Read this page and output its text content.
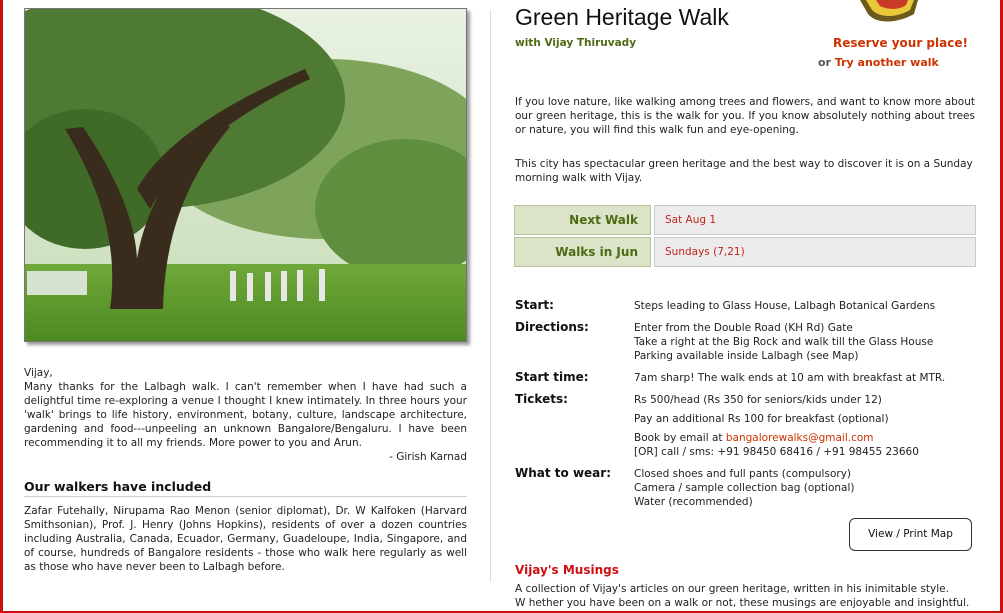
Vijay,
Many thanks for the Lalbagh walk. I can't remember when I have had such a delightful time re-exploring a venue I thought I knew intimately. In three hours your 'walk' brings to life history, environment, botany, culture, landscape architecture, gardening and food---unpeeling an unknown Bangalore/Bengaluru. I have been recommending it to all my friends. More power to you and Arun.
- Girish Karnad
Our walkers have included
Zafar Futehally, Nirupama Rao Menon (senior diplomat), Dr. W Kalfoken (Harvard Smithsonian), Prof. J. Henry (Johns Hopkins), residents of over a dozen countries including Australia, Canada, Ecuador, Germany, Guadeloupe, India, Singapore, and of course, hundreds of Bangalore residents - those who walk here regularly as well as those who have never been to Lalbagh before.
Green Heritage Walk
with Vijay Thiruvady	Reserve your place!
or Try another walk
If you love nature, like walking among trees and flowers, and want to know more about our green heritage, this is the walk for you. If you know absolutely nothing about trees or nature, you will find this walk fun and eye-opening.
This city has spectacular green heritage and the best way to discover it is on a Sunday morning walk with Vijay.
Next Walk	Sat Aug 1
Walks in Jun	Sundays (7,21)
Start:	Steps leading to Glass House, Lalbagh Botanical Gardens
Directions:	Enter from the Double Road (KH Rd) Gate
Take a right at the Big Rock and walk till the Glass House
Parking available inside Lalbagh (see Map)
Start time:	7am sharp! The walk ends at 10 am with breakfast at MTR.
Tickets:	Rs 500/head (Rs 350 for seniors/kids under 12)
Pay an additional Rs 100 for breakfast (optional)
Book by email at bangalorewalks@gmail.com
[OR] call / sms: +91 98450 68416 / +91 98455 23660
What to wear: Closed shoes and full pants (compulsory)
Camera / sample collection bag (optional)
Water (recommended)
View / Print Map
Vijay's Musings
A collection of Vijay's articles on our green heritage, written in his inimitable style.
W hether you have been on a walk or not, these musings are enjoyable and insightful.
